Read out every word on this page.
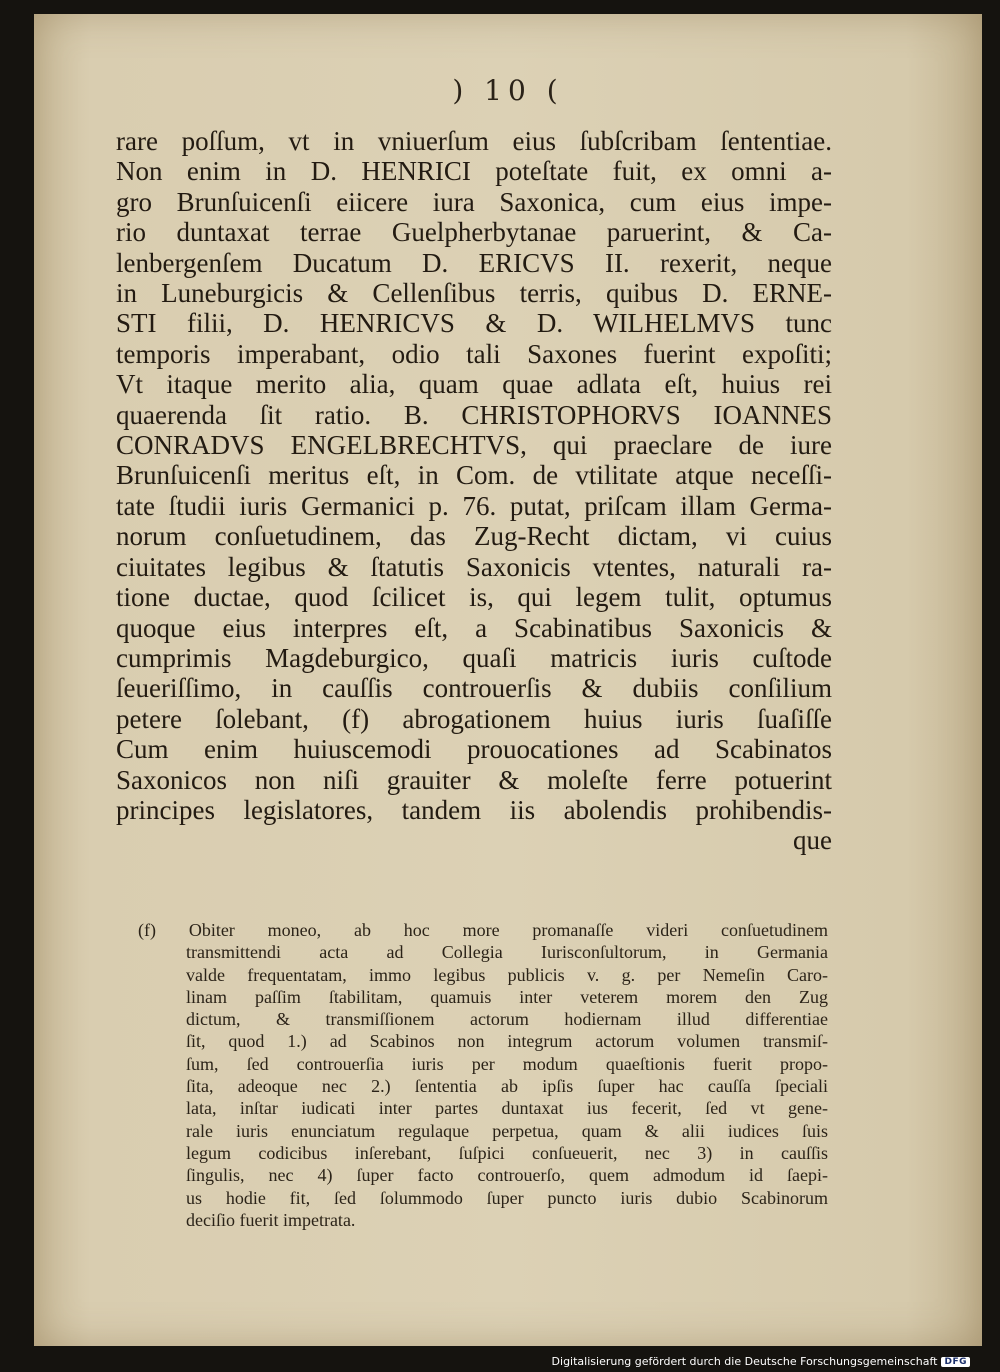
) 10 (
rare poſſum, vt in vniuerſum eius ſubſcribam ſententiae.
Non enim in D. HENRICI poteſtate fuit, ex omni a-
gro Brunſuicenſi eiicere iura Saxonica, cum eius impe-
rio duntaxat terrae Guelpherbytanae paruerint, & Ca-
lenbergenſem Ducatum D. ERICVS II. rexerit, neque
in Luneburgicis & Cellenſibus terris, quibus D. ERNE-
STI filii, D. HENRICVS & D. WILHELMVS tunc
temporis imperabant, odio tali Saxones fuerint expoſiti;
Vt itaque merito alia, quam quae adlata eſt, huius rei
quaerenda ſit ratio. B. CHRISTOPHORVS IOANNES
CONRADVS ENGELBRECHTVS, qui praeclare de iure
Brunſuicenſi meritus eſt, in Com. de vtilitate atque neceſſi-
tate ſtudii iuris Germanici p. 76. putat, priſcam illam Germa-
norum conſuetudinem, das Zug-Recht dictam, vi cuius
ciuitates legibus & ſtatutis Saxonicis vtentes, naturali ra-
tione ductae, quod ſcilicet is, qui legem tulit, optumus
quoque eius interpres eſt, a Scabinatibus Saxonicis &
cumprimis Magdeburgico, quaſi matricis iuris cuſtode
ſeueriſſimo, in cauſſis controuerſis & dubiis conſilium
petere ſolebant, (f) abrogationem huius iuris ſuaſiſſe
Cum enim huiuscemodi prouocationes ad Scabinatos
Saxonicos non niſi grauiter & moleſte ferre potuerint
principes legislatores, tandem iis abolendis prohibendis-
que
(f) Obiter moneo, ab hoc more promanaſſe videri conſuetudinem
transmittendi acta ad Collegia Iurisconſultorum, in Germania
valde frequentatam, immo legibus publicis v. g. per Nemeſin Caro-
linam paſſim ſtabilitam, quamuis inter veterem morem den Zug
dictum, & transmiſſionem actorum hodiernam illud differentiae
ſit, quod 1.) ad Scabinos non integrum actorum volumen transmiſ-
ſum, ſed controuerſia iuris per modum quaeſtionis fuerit propo-
ſita, adeoque nec 2.) ſententia ab ipſis ſuper hac cauſſa ſpeciali
lata, inſtar iudicati inter partes duntaxat ius fecerit, ſed vt gene-
rale iuris enunciatum regulaque perpetua, quam & alii iudices ſuis
legum codicibus inſerebant, ſuſpici conſueuerit, nec 3) in cauſſis
ſingulis, nec 4) ſuper facto controuerſo, quem admodum id ſaepi-
us hodie fit, ſed ſolummodo ſuper puncto iuris dubio Scabinorum
deciſio fuerit impetrata.
Digitalisierung gefördert durch die Deutsche Forschungsgemeinschaft DFG
